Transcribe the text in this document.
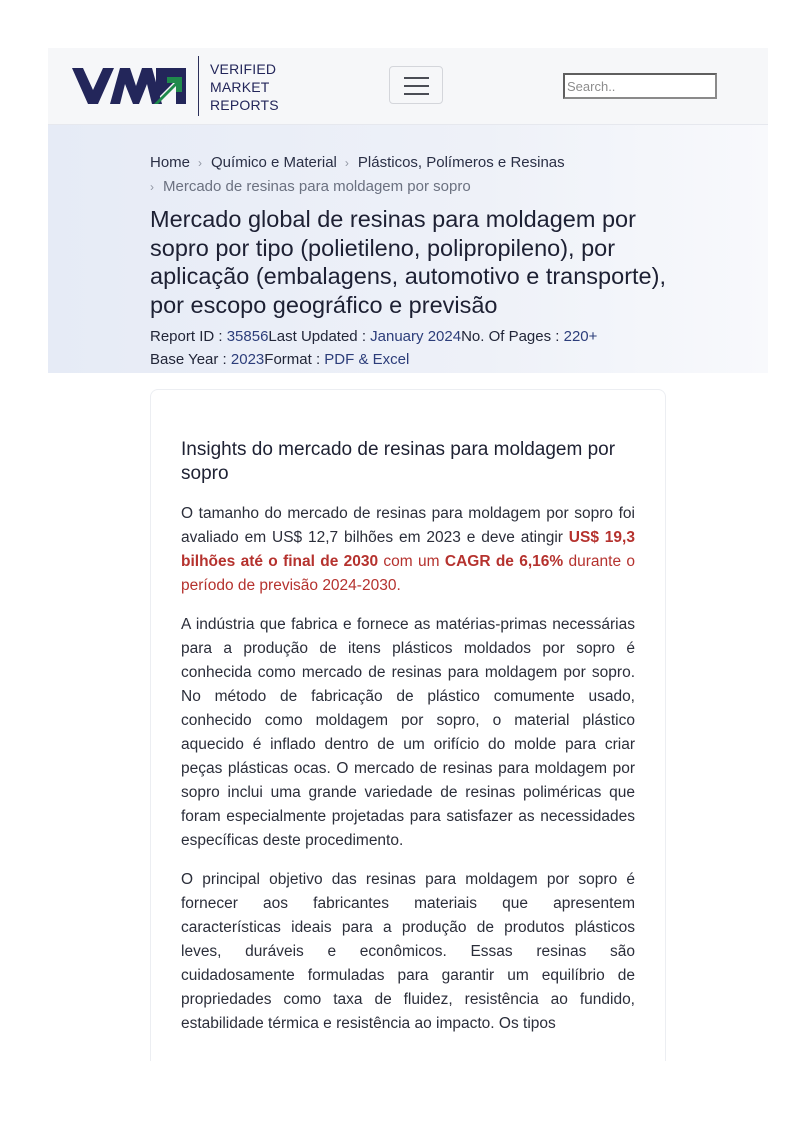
VERIFIED
MARKET
REPORTS
Search..
Home › Químico e Material › Plásticos, Polímeros e Resinas
› Mercado de resinas para moldagem por sopro
Mercado global de resinas para moldagem por sopro por tipo (polietileno, polipropileno), por aplicação (embalagens, automotivo e transporte), por escopo geográfico e previsão
Report ID : 35856Last Updated : January 2024No. Of Pages : 220+
Base Year : 2023Format : PDF & Excel
Insights do mercado de resinas para moldagem por sopro

O tamanho do mercado de resinas para moldagem por sopro foi avaliado em US$ 12,7 bilhões em 2023 e deve atingir US$ 19,3 bilhões até o final de 2030 com um CAGR de 6,16% durante o período de previsão 2024-2030.

A indústria que fabrica e fornece as matérias-primas necessárias para a produção de itens plásticos moldados por sopro é conhecida como mercado de resinas para moldagem por sopro. No método de fabricação de plástico comumente usado, conhecido como moldagem por sopro, o material plástico aquecido é inflado dentro de um orifício do molde para criar peças plásticas ocas. O mercado de resinas para moldagem por sopro inclui uma grande variedade de resinas poliméricas que foram especialmente projetadas para satisfazer as necessidades específicas deste procedimento.

O principal objetivo das resinas para moldagem por sopro é fornecer aos fabricantes materiais que apresentem características ideais para a produção de produtos plásticos leves, duráveis e econômicos. Essas resinas são cuidadosamente formuladas para garantir um equilíbrio de propriedades como taxa de fluidez, resistência ao fundido, estabilidade térmica e resistência ao impacto. Os tipos
